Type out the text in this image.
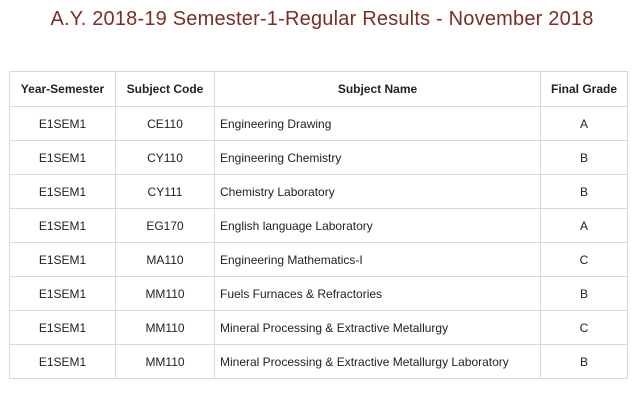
A.Y. 2018-19 Semester-1-Regular Results - November 2018
Year-Semester	Subject Code	Subject Name	Final Grade
E1SEM1	CE110	Engineering Drawing	A
E1SEM1	CY110	Engineering Chemistry	B
E1SEM1	CY111	Chemistry Laboratory	B
E1SEM1	EG170	English language Laboratory	A
E1SEM1	MA110	Engineering Mathematics-I	C
E1SEM1	MM110	Fuels Furnaces & Refractories	B
E1SEM1	MM110	Mineral Processing & Extractive Metallurgy	C
E1SEM1	MM110	Mineral Processing & Extractive Metallurgy Laboratory	B
